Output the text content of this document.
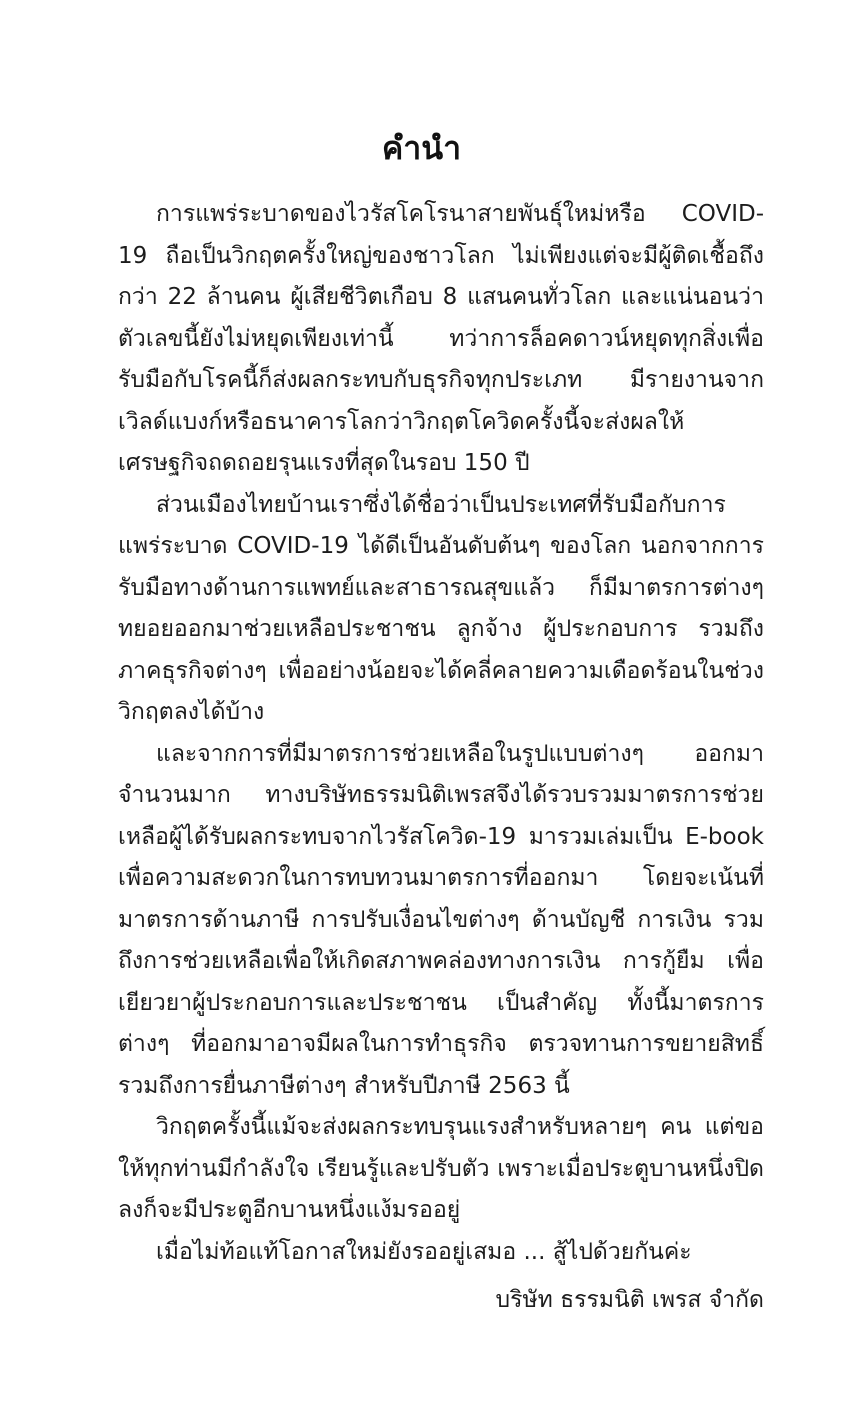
คำนำ

การแพร่ระบาดของไวรัสโคโรนาสายพันธุ์ใหม่หรือ COVID-19 ถือเป็นวิกฤตครั้งใหญ่ของชาวโลก ไม่เพียงแต่จะมีผู้ติดเชื้อถึงกว่า 22 ล้านคน ผู้เสียชีวิตเกือบ 8 แสนคนทั่วโลก และแน่นอนว่าตัวเลขนี้ยังไม่หยุดเพียงเท่านี้ ทว่าการล็อคดาวน์หยุดทุกสิ่งเพื่อรับมือกับโรคนี้ก็ส่งผลกระทบกับธุรกิจทุกประเภท มีรายงานจากเวิลด์แบงก์หรือธนาคารโลกว่าวิกฤตโควิดครั้งนี้จะส่งผลให้เศรษฐกิจถดถอยรุนแรงที่สุดในรอบ 150 ปี

ส่วนเมืองไทยบ้านเราซึ่งได้ชื่อว่าเป็นประเทศที่รับมือกับการแพร่ระบาด COVID-19 ได้ดีเป็นอันดับต้นๆ ของโลก นอกจากการรับมือทางด้านการแพทย์และสาธารณสุขแล้ว ก็มีมาตรการต่างๆ ทยอยออกมาช่วยเหลือประชาชน ลูกจ้าง ผู้ประกอบการ รวมถึงภาคธุรกิจต่างๆ เพื่ออย่างน้อยจะได้คลี่คลายความเดือดร้อนในช่วงวิกฤตลงได้บ้าง

และจากการที่มีมาตรการช่วยเหลือในรูปแบบต่างๆ ออกมาจำนวนมาก ทางบริษัทธรรมนิติเพรสจึงได้รวบรวมมาตรการช่วยเหลือผู้ได้รับผลกระทบจากไวรัสโควิด-19 มารวมเล่มเป็น E-book เพื่อความสะดวกในการทบทวนมาตรการที่ออกมา โดยจะเน้นที่มาตรการด้านภาษี การปรับเงื่อนไขต่างๆ ด้านบัญชี การเงิน รวมถึงการช่วยเหลือเพื่อให้เกิดสภาพคล่องทางการเงิน การกู้ยืม เพื่อเยียวยาผู้ประกอบการและประชาชน เป็นสำคัญ ทั้งนี้มาตรการต่างๆ ที่ออกมาอาจมีผลในการทำธุรกิจ ตรวจทานการขยายสิทธิ์ รวมถึงการยื่นภาษีต่างๆ สำหรับปีภาษี 2563 นี้

วิกฤตครั้งนี้แม้จะส่งผลกระทบรุนแรงสำหรับหลายๆ คน แต่ขอให้ทุกท่านมีกำลังใจ เรียนรู้และปรับตัว เพราะเมื่อประตูบานหนึ่งปิดลงก็จะมีประตูอีกบานหนึ่งแง้มรออยู่

เมื่อไม่ท้อแท้โอกาสใหม่ยังรออยู่เสมอ ... สู้ไปด้วยกันค่ะ

บริษัท ธรรมนิติ เพรส จำกัด
